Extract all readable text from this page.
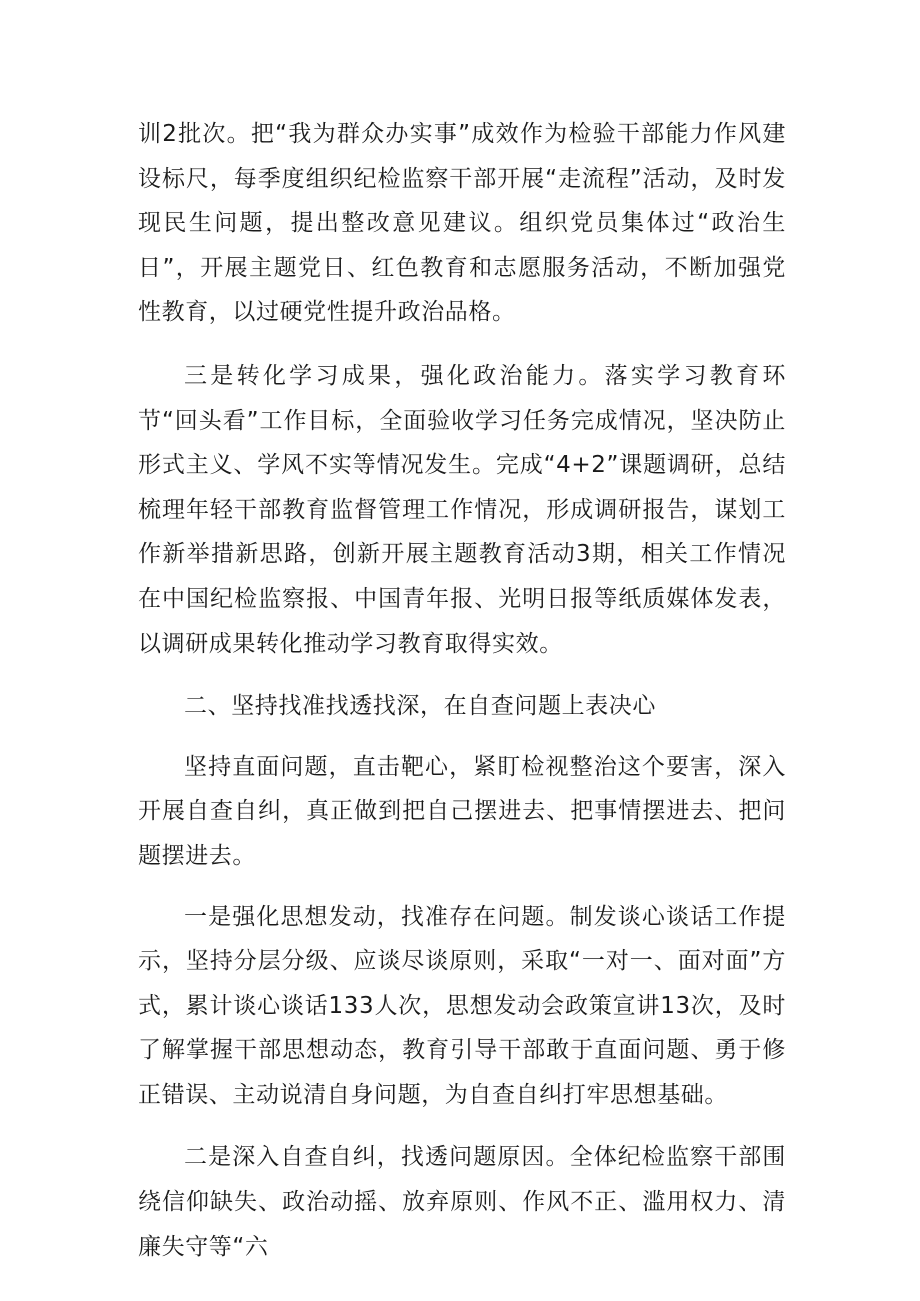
训2批次。把“我为群众办实事”成效作为检验干部能力作风建设标尺，每季度组织纪检监察干部开展“走流程”活动，及时发现民生问题，提出整改意见建议。组织党员集体过“政治生日”，开展主题党日、红色教育和志愿服务活动，不断加强党性教育，以过硬党性提升政治品格。

三是转化学习成果，强化政治能力。落实学习教育环节“回头看”工作目标，全面验收学习任务完成情况，坚决防止形式主义、学风不实等情况发生。完成“4+2”课题调研，总结梳理年轻干部教育监督管理工作情况，形成调研报告，谋划工作新举措新思路，创新开展主题教育活动3期，相关工作情况在中国纪检监察报、中国青年报、光明日报等纸质媒体发表，以调研成果转化推动学习教育取得实效。

二、坚持找准找透找深，在自查问题上表决心

坚持直面问题，直击靶心，紧盯检视整治这个要害，深入开展自查自纠，真正做到把自己摆进去、把事情摆进去、把问题摆进去。

一是强化思想发动，找准存在问题。制发谈心谈话工作提示，坚持分层分级、应谈尽谈原则，采取“一对一、面对面”方式，累计谈心谈话133人次，思想发动会政策宣讲13次，及时了解掌握干部思想动态，教育引导干部敢于直面问题、勇于修正错误、主动说清自身问题，为自查自纠打牢思想基础。

二是深入自查自纠，找透问题原因。全体纪检监察干部围绕信仰缺失、政治动摇、放弃原则、作风不正、滥用权力、清廉失守等“六
